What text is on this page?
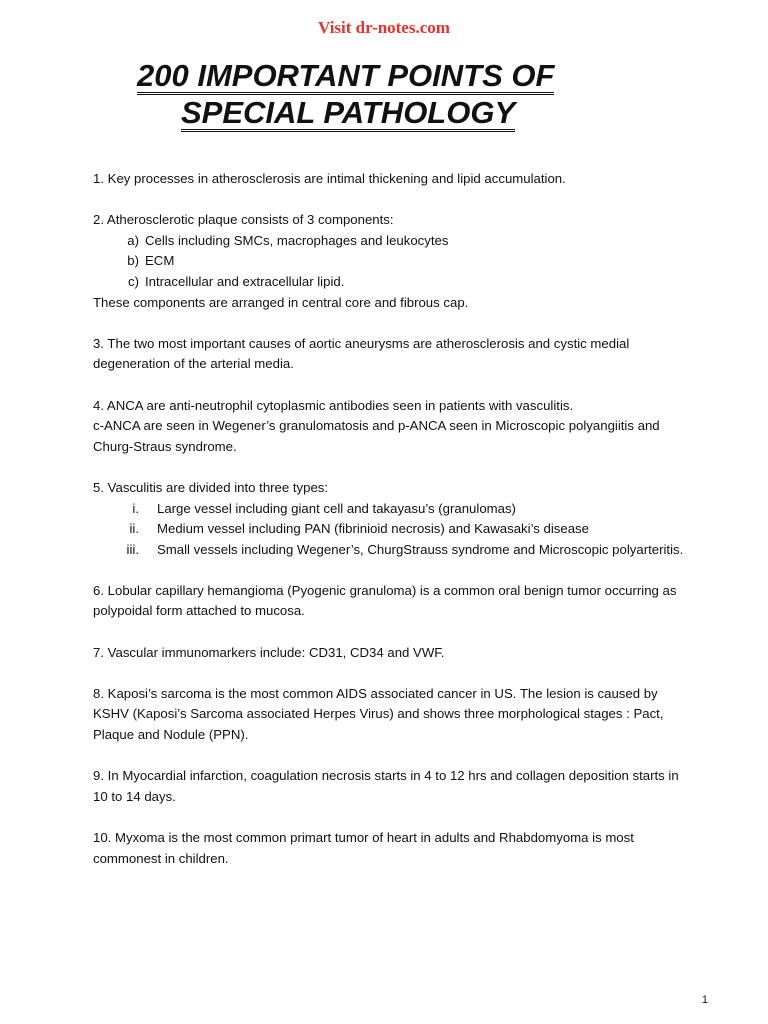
Visit dr-notes.com
200 IMPORTANT POINTS OF
SPECIAL PATHOLOGY

1. Key processes in atherosclerosis are intimal thickening and lipid accumulation.

2. Atherosclerotic plaque consists of 3 components:

a) Cells including SMCs, macrophages and leukocytes
b) ECM
c) Intracellular and extracellular lipid.

These components are arranged in central core and fibrous cap.

3. The two most important causes of aortic aneurysms are atherosclerosis and cystic medial degeneration of the arterial media.

4. ANCA are anti-neutrophil cytoplasmic antibodies seen in patients with vasculitis.

c-ANCA are seen in Wegener’s granulomatosis and p-ANCA seen in Microscopic polyangiitis and Churg-Straus syndrome.

5. Vasculitis are divided into three types:

i. Large vessel including giant cell and takayasu’s (granulomas)
ii. Medium vessel including PAN (fibrinioid necrosis) and Kawasaki’s disease
iii. Small vessels including Wegener’s, ChurgStrauss syndrome and Microscopic polyarteritis.

6. Lobular capillary hemangioma (Pyogenic granuloma) is a common oral benign tumor occurring as polypoidal form attached to mucosa.

7. Vascular immunomarkers include: CD31, CD34 and VWF.

8. Kaposi’s sarcoma is the most common AIDS associated cancer in US. The lesion is caused by KSHV (Kaposi’s Sarcoma associated Herpes Virus) and shows three morphological stages : Pact, Plaque and Nodule (PPN).

9. In Myocardial infarction, coagulation necrosis starts in 4 to 12 hrs and collagen deposition starts in 10 to 14 days.

10. Myxoma is the most common primart tumor of heart in adults and Rhabdomyoma is most commonest in children.

1
